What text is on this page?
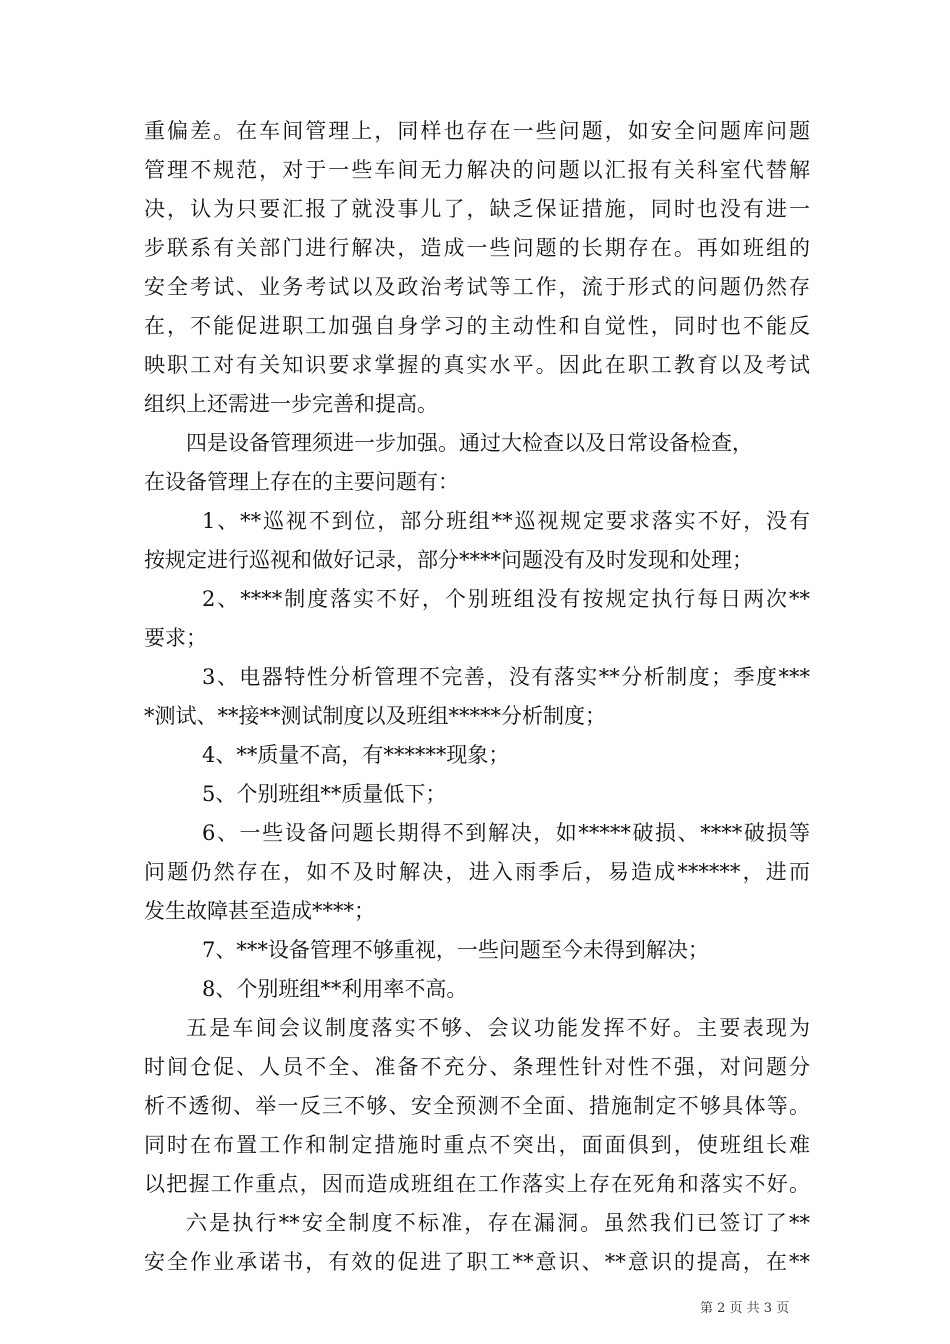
重偏差。在车间管理上，同样也存在一些问题，如安全问题库问题
管理不规范，对于一些车间无力解决的问题以汇报有关科室代替解
决，认为只要汇报了就没事儿了，缺乏保证措施，同时也没有进一
步联系有关部门进行解决，造成一些问题的长期存在。再如班组的
安全考试、业务考试以及政治考试等工作，流于形式的问题仍然存
在，不能促进职工加强自身学习的主动性和自觉性，同时也不能反
映职工对有关知识要求掌握的真实水平。因此在职工教育以及考试
组织上还需进一步完善和提高。
四是设备管理须进一步加强。通过大检查以及日常设备检查，
在设备管理上存在的主要问题有：
1、**巡视不到位，部分班组**巡视规定要求落实不好，没有
按规定进行巡视和做好记录，部分****问题没有及时发现和处理；
2、****制度落实不好，个别班组没有按规定执行每日两次**
要求；
3、电器特性分析管理不完善，没有落实**分析制度；季度***
*测试、**接**测试制度以及班组*****分析制度；
4、**质量不高，有******现象；
5、个别班组**质量低下；
6、一些设备问题长期得不到解决，如*****破损、****破损等
问题仍然存在，如不及时解决，进入雨季后，易造成******，进而
发生故障甚至造成****；
7、***设备管理不够重视，一些问题至今未得到解决；
8、个别班组**利用率不高。
五是车间会议制度落实不够、会议功能发挥不好。主要表现为
时间仓促、人员不全、准备不充分、条理性针对性不强，对问题分
析不透彻、举一反三不够、安全预测不全面、措施制定不够具体等。
同时在布置工作和制定措施时重点不突出，面面俱到，使班组长难
以把握工作重点，因而造成班组在工作落实上存在死角和落实不好。
六是执行**安全制度不标准，存在漏洞。虽然我们已签订了**
安全作业承诺书，有效的促进了职工**意识、**意识的提高，在**
第 2 页 共 3 页
